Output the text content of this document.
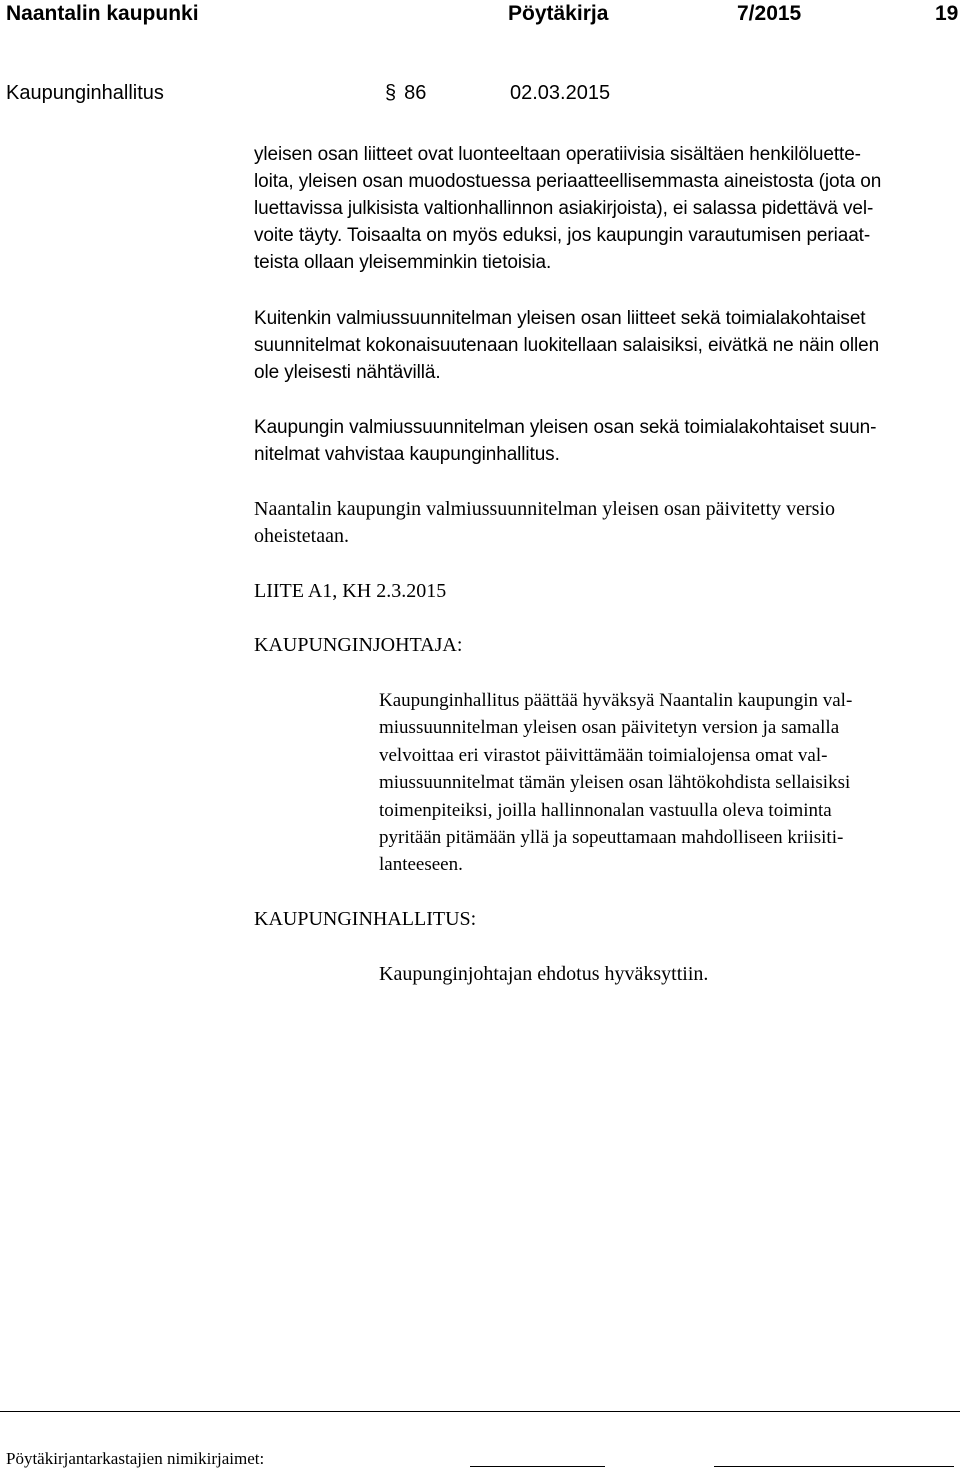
Naantalin kaupunki	Pöytäkirja	7/2015	19
Kaupunginhallitus	§ 86	02.03.2015
yleisen osan liitteet ovat luonteeltaan operatiivisia sisältäen henkilöluette-
loita, yleisen osan muodostuessa periaatteellisemmasta aineistosta (jota on
luettavissa julkisista valtionhallinnon asiakirjoista), ei salassa pidettävä vel-
voite täyty. Toisaalta on myös eduksi, jos kaupungin varautumisen periaat-
teista ollaan yleisemminkin tietoisia.
Kuitenkin valmiussuunnitelman yleisen osan liitteet sekä toimialakohtaiset
suunnitelmat kokonaisuutenaan luokitellaan salaisiksi, eivätkä ne näin ollen
ole yleisesti nähtävillä.
Kaupungin valmiussuunnitelman yleisen osan sekä toimialakohtaiset suun-
nitelmat vahvistaa kaupunginhallitus.
Naantalin kaupungin valmiussuunnitelman yleisen osan päivitetty versio
oheistetaan.
LIITE A1, KH 2.3.2015
KAUPUNGINJOHTAJA:
Kaupunginhallitus päättää hyväksyä Naantalin kaupungin val-
miussuunnitelman yleisen osan päivitetyn version ja samalla
velvoittaa eri virastot päivittämään toimialojensa omat val-
miussuunnitelmat tämän yleisen osan lähtökohdista sellaisiksi
toimenpiteiksi, joilla hallinnonalan vastuulla oleva toiminta
pyritään pitämään yllä ja sopeuttamaan mahdolliseen kriisiti-
lanteeseen.
KAUPUNGINHALLITUS:
Kaupunginjohtajan ehdotus hyväksyttiin.
Pöytäkirjantarkastajien nimikirjaimet:
